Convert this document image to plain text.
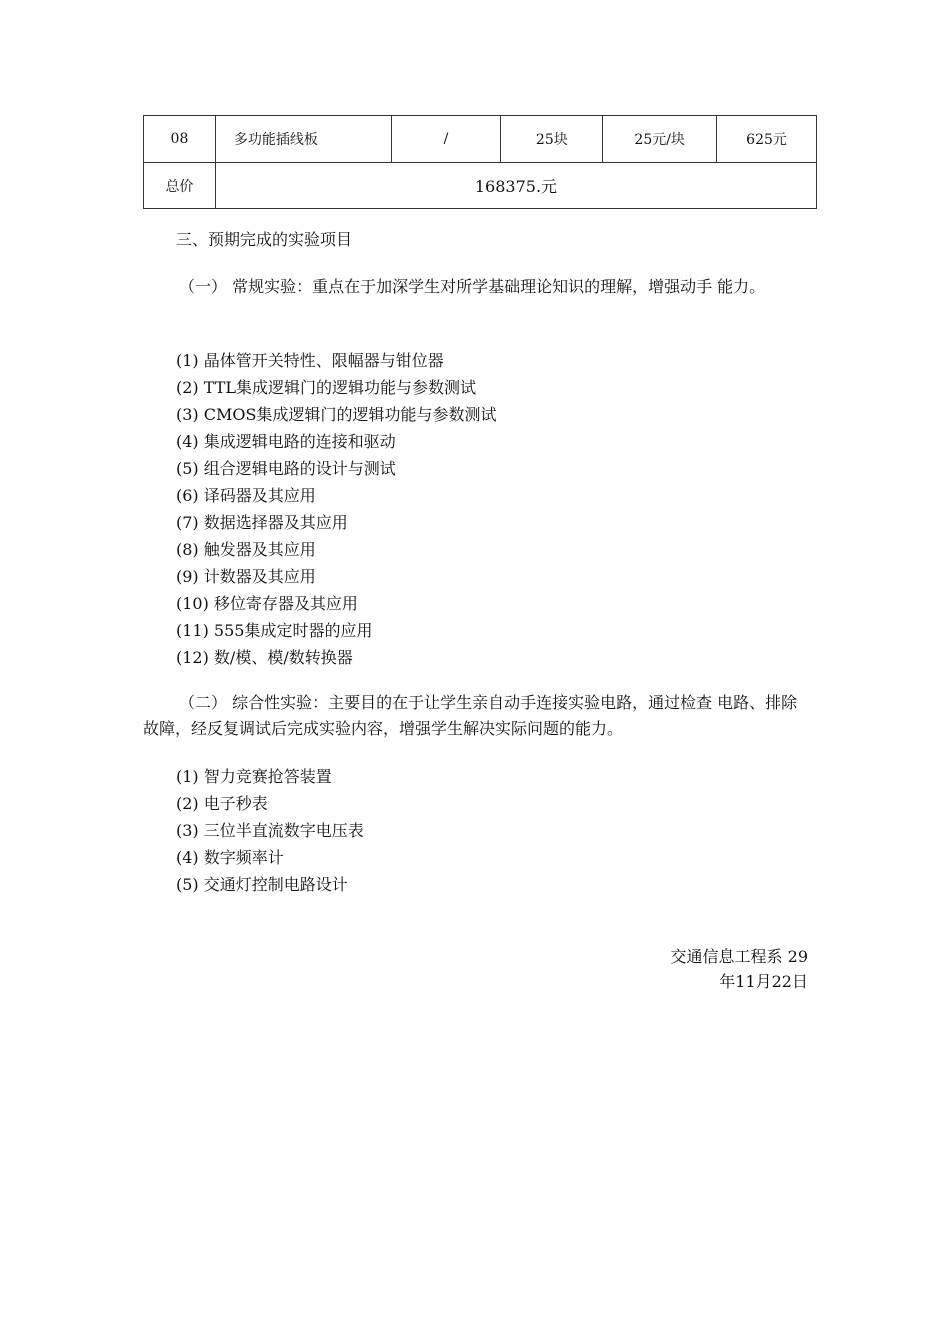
08	多功能插线板	/	25块	25元/块	625元
总价	168375.元				
三、预期完成的实验项目
（一） 常规实验：重点在于加深学生对所学基础理论知识的理解，增强动手 能力。
(1) 晶体管开关特性、限幅器与钳位器
(2) TTL集成逻辑门的逻辑功能与参数测试
(3) CMOS集成逻辑门的逻辑功能与参数测试
(4) 集成逻辑电路的连接和驱动
(5) 组合逻辑电路的设计与测试
(6) 译码器及其应用
(7) 数据选择器及其应用
(8) 触发器及其应用
(9) 计数器及其应用
(10) 移位寄存器及其应用
(11) 555集成定时器的应用
(12) 数/模、模/数转换器
（二） 综合性实验：主要目的在于让学生亲自动手连接实验电路，通过检查 电路、排除故障，经反复调试后完成实验内容，增强学生解决实际问题的能力。
(1) 智力竞赛抢答装置
(2) 电子秒表
(3) 三位半直流数字电压表
(4) 数字频率计
(5) 交通灯控制电路设计
交通信息工程系 29
年11月22日
